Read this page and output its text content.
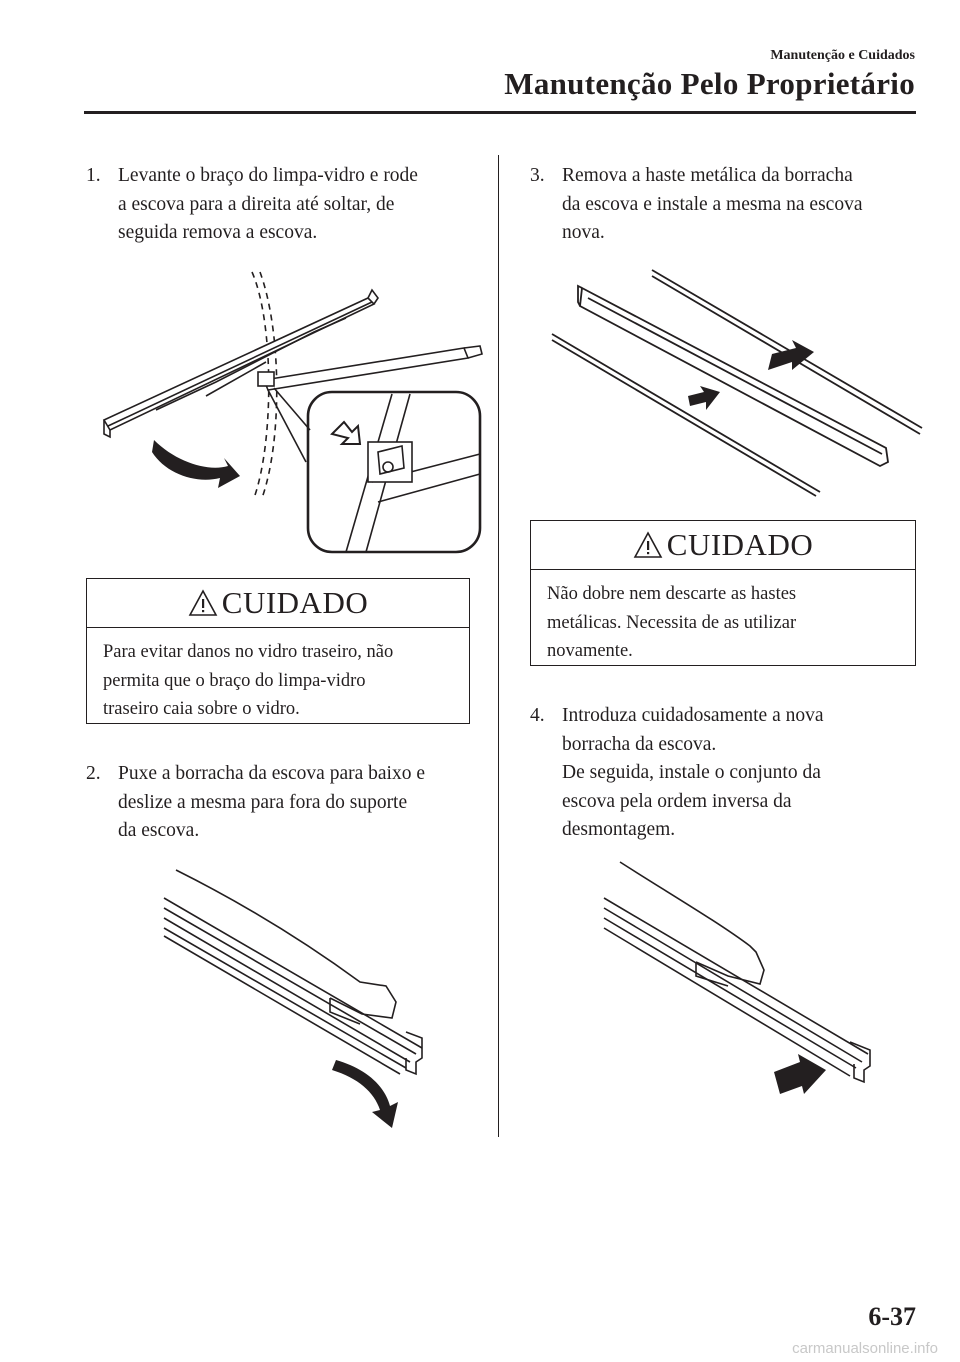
Manutenção e Cuidados
Manutenção Pelo Proprietário
1. Levante o braço do limpa-vidro e rode

a escova para a direita até soltar, de

seguida remova a escova.

CUIDADO
Para evitar danos no vidro traseiro, não
permita que o braço do limpa-vidro
traseiro caia sobre o vidro.
2. Puxe a borracha da escova para baixo e

deslize a mesma para fora do suporte

da escova.

3. Remova a haste metálica da borracha

da escova e instale a mesma na escova

nova.

CUIDADO
Não dobre nem descarte as hastes
metálicas. Necessita de as utilizar
novamente.
4. Introduza cuidadosamente a nova

borracha da escova.

De seguida, instale o conjunto da

escova pela ordem inversa da

desmontagem.

6-37
carmanualsonline.info
